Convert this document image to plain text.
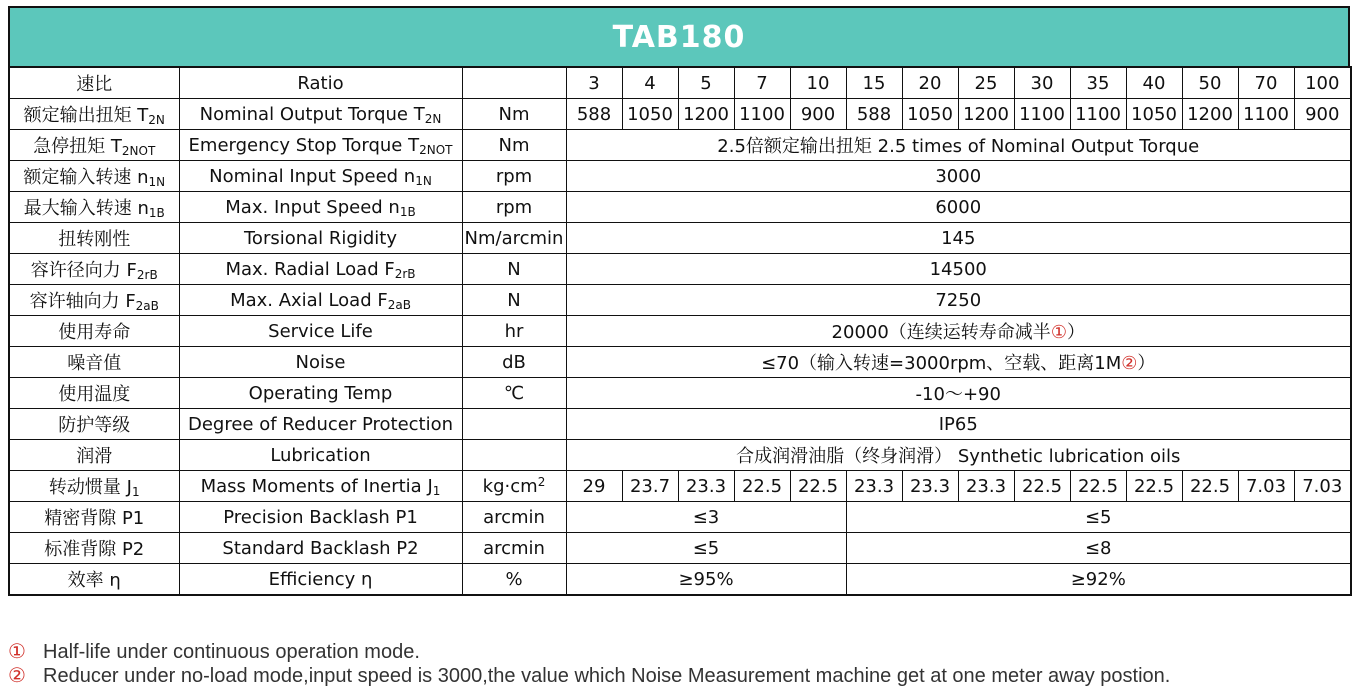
TAB180
速比	Ratio		3	4	5	7	10	15	20	25	30	35	40	50	70	100
额定输出扭矩 $T_{2N}$	Nominal Output Torque $T_{2N}$	Nm	588	1050	1200	1100	900	588	1050	1200	1100	1100	1050	1200	1100	900
急停扭矩 $T_{2NOT}$	Emergency Stop Torque $T_{2NOT}$	Nm	2.5倍额定输出扭矩 2.5 times of Nominal Output Torque													
额定输入转速 $n_{1N}$	Nominal Input Speed $n_{1N}$	rpm	3000													
最大输入转速 $n_{1B}$	Max. Input Speed $n_{1B}$	rpm	6000													
扭转刚性	Torsional Rigidity	Nm/arcmin	145													
容许径向力 $F_{2rB}$	Max. Radial Load $F_{2rB}$	N	14500													
容许轴向力 $F_{2aB}$	Max. Axial Load $F_{2aB}$	N	7250													
使用寿命	Service Life	hr	20000（连续运转寿命减半①）													
噪音值	Noise	dB	≤70（输入转速=3000rpm、空载、距离1M②）													
使用温度	Operating Temp	℃	-10～+90													
防护等级	Degree of Reducer Protection		IP65													
润滑	Lubrication		合成润滑油脂（终身润滑） Synthetic lubrication oils													
转动惯量 $J_1$	Mass Moments of Inertia $J_1$	$kg\cdot cm^2$	29	23.7	23.3	22.5	22.5	23.3	23.3	23.3	22.5	22.5	22.5	22.5	7.03	7.03
精密背隙 P1	Precision Backlash P1	arcmin	≤3					≤5								
标准背隙 P2	Standard Backlash P2	arcmin	≤5					≤8								
效率 η	Efficiency η	%	≥95%					≥92%								
① Half-life under continuous operation mode.
② Reducer under no-load mode,input speed is 3000,the value which Noise Measurement machine get at one meter away postion.
